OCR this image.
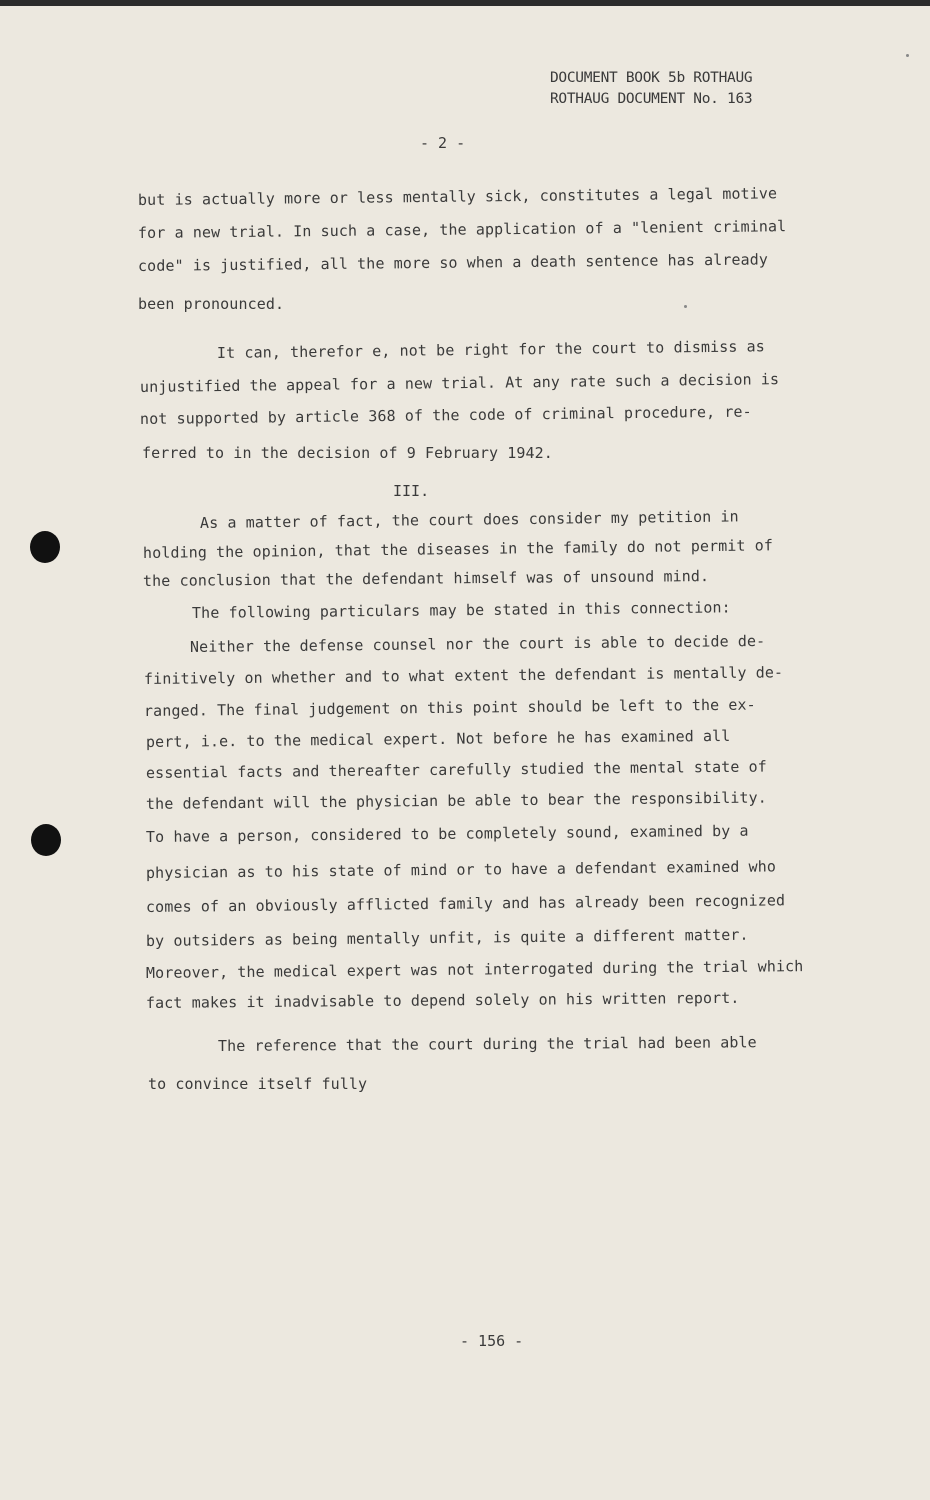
DOCUMENT BOOK 5b ROTHAUG
ROTHAUG DOCUMENT No. 163
- 2 -
but is actually more or less mentally sick, constitutes a legal motive
for a new trial. In such a case, the application of a "lenient criminal
code" is justified, all the more so when a death sentence has already
been pronounced.
It can, therefor e, not be right for the court to dismiss as
unjustified the appeal for a new trial. At any rate such a decision is
not supported by article 368 of the code of criminal procedure, re-
ferred to in the decision of 9 February 1942.
III.
As a matter of fact, the court does consider my petition in
holding the opinion, that the diseases in the family do not permit of
the conclusion that the defendant himself was of unsound mind.
The following particulars may be stated in this connection:
Neither the defense counsel nor the court is able to decide de-
finitively on whether and to what extent the defendant is mentally de-
ranged. The final judgement on this point should be left to the ex-
pert, i.e. to the medical expert. Not before he has examined all
essential facts and thereafter carefully studied the mental state of
the defendant will the physician be able to bear the responsibility.
To have a person, considered to be completely sound, examined by a
physician as to his state of mind or to have a defendant examined who
comes of an obviously afflicted family and has already been recognized
by outsiders as being mentally unfit, is quite a different matter.
Moreover, the medical expert was not interrogated during the trial which
fact makes it inadvisable to depend solely on his written report.
The reference that the court during the trial had been able
to convince itself fully
- 156 -
